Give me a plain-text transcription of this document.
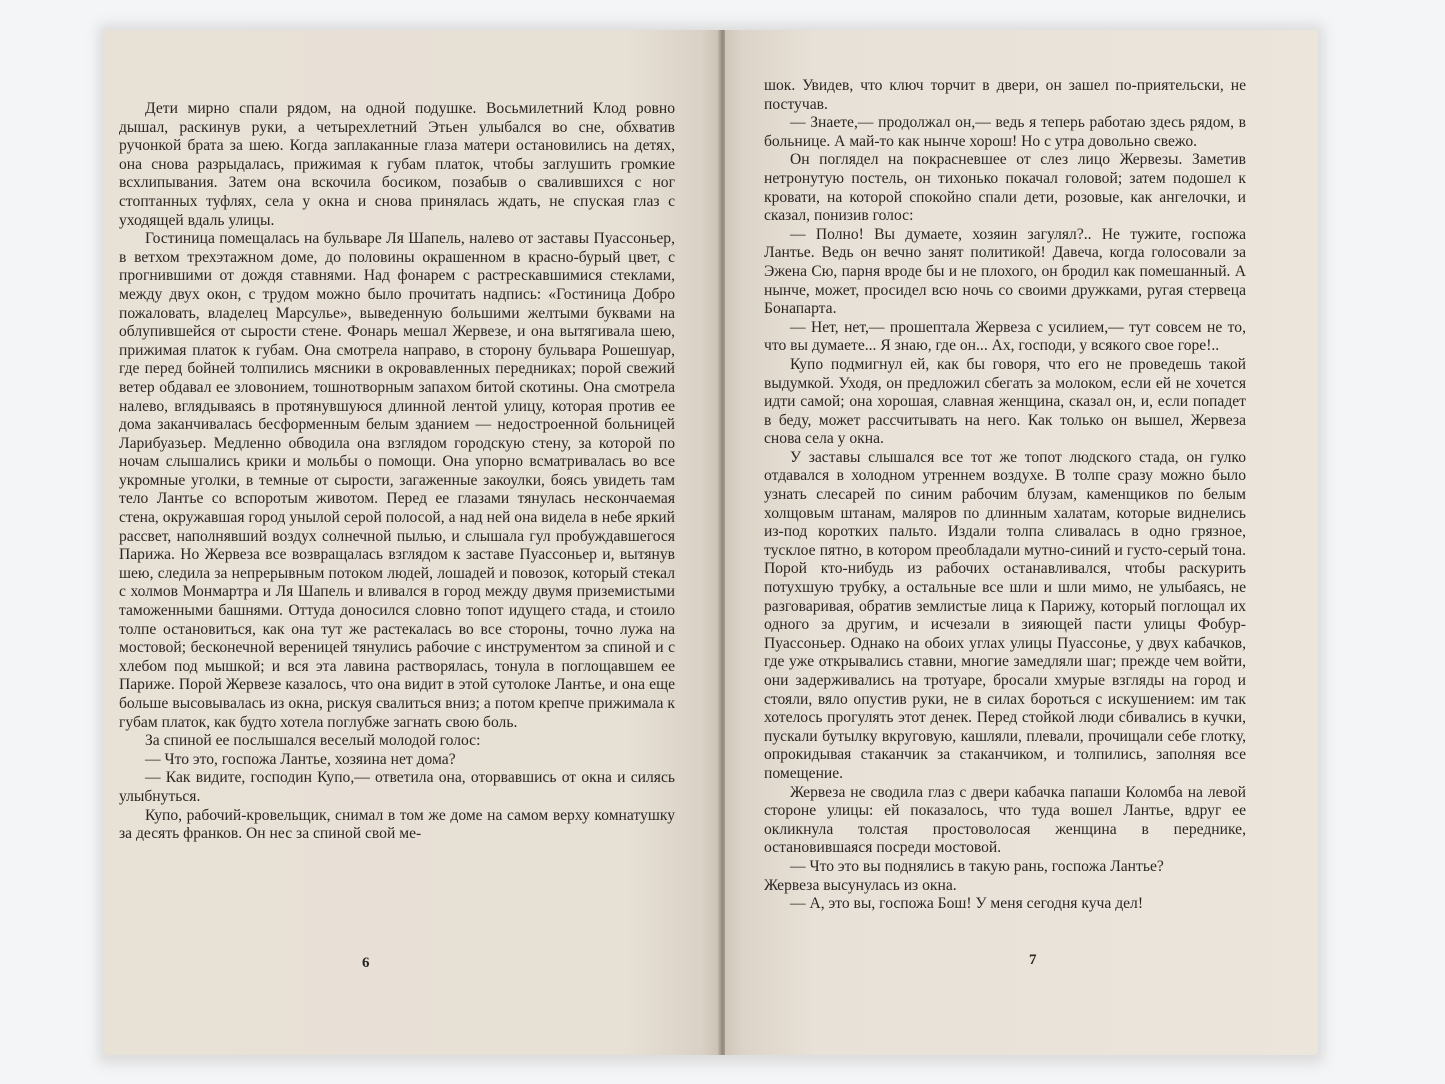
Дети мирно спали рядом, на одной подушке. Восьмилетний Клод ровно дышал, раскинув руки, а четырехлетний Этьен улыбался во сне, обхватив ручонкой брата за шею. Когда заплаканные глаза матери остановились на детях, она снова разрыдалась, прижимая к губам платок, чтобы заглушить громкие всхлипывания. Затем она вскочила босиком, позабыв о свалившихся с ног стоптанных туфлях, села у окна и снова принялась ждать, не спуская глаз с уходящей вдаль улицы.

Гостиница помещалась на бульваре Ля Шапель, налево от заставы Пуассоньер, в ветхом трехэтажном доме, до половины окрашенном в красно-бурый цвет, с прогнившими от дождя ставнями. Над фонарем с растрескавшимися стеклами, между двух окон, с трудом можно было прочитать надпись: «Гостиница Добро пожаловать, владелец Марсулье», выведенную большими желтыми буквами на облупившейся от сырости стене. Фонарь мешал Жервезе, и она вытягивала шею, прижимая платок к губам. Она смотрела направо, в сторону бульвара Рошешуар, где перед бойней толпились мясники в окровавленных передниках; порой свежий ветер обдавал ее зловонием, тошнотворным запахом битой скотины. Она смотрела налево, вглядываясь в протянувшуюся длинной лентой улицу, которая против ее дома заканчивалась бесформенным белым зданием — недостроенной больницей Ларибуазьер. Медленно обводила она взглядом городскую стену, за которой по ночам слышались крики и мольбы о помощи. Она упорно всматривалась во все укромные уголки, в темные от сырости, загаженные закоулки, боясь увидеть там тело Лантье со вспоротым животом. Перед ее глазами тянулась нескончаемая стена, окружавшая город унылой серой полосой, а над ней она видела в небе яркий рассвет, наполнявший воздух солнечной пылью, и слышала гул пробуждавшегося Парижа. Но Жервеза все возвращалась взглядом к заставе Пуассоньер и, вытянув шею, следила за непрерывным потоком людей, лошадей и повозок, который стекал с холмов Монмартра и Ля Шапель и вливался в город между двумя приземистыми таможенными башнями. Оттуда доносился словно топот идущего стада, и стоило толпе остановиться, как она тут же растекалась во все стороны, точно лужа на мостовой; бесконечной вереницей тянулись рабочие с инструментом за спиной и с хлебом под мышкой; и вся эта лавина растворялась, тонула в поглощавшем ее Париже. Порой Жервезе казалось, что она видит в этой сутолоке Лантье, и она еще больше высовывалась из окна, рискуя свалиться вниз; а потом крепче прижимала к губам платок, как будто хотела поглубже загнать свою боль.

За спиной ее послышался веселый молодой голос:

— Что это, госпожа Лантье, хозяина нет дома?

— Как видите, господин Купо,— ответила она, оторвавшись от окна и силясь улыбнуться.

Купо, рабочий-кровельщик, снимал в том же доме на самом верху комнатушку за десять франков. Он нес за спиной свой ме-

6

шок. Увидев, что ключ торчит в двери, он зашел по-приятельски, не постучав.

— Знаете,— продолжал он,— ведь я теперь работаю здесь рядом, в больнице. А май-то как нынче хорош! Но с утра довольно свежо.

Он поглядел на покрасневшее от слез лицо Жервезы. Заметив нетронутую постель, он тихонько покачал головой; затем подошел к кровати, на которой спокойно спали дети, розовые, как ангелочки, и сказал, понизив голос:

— Полно! Вы думаете, хозяин загулял?.. Не тужите, госпожа Лантье. Ведь он вечно занят политикой! Давеча, когда голосовали за Эжена Сю, парня вроде бы и не плохого, он бродил как помешанный. А нынче, может, просидел всю ночь со своими дружками, ругая стервеца Бонапарта.

— Нет, нет,— прошептала Жервеза с усилием,— тут совсем не то, что вы думаете... Я знаю, где он... Ах, господи, у всякого свое горе!..

Купо подмигнул ей, как бы говоря, что его не проведешь такой выдумкой. Уходя, он предложил сбегать за молоком, если ей не хочется идти самой; она хорошая, славная женщина, сказал он, и, если попадет в беду, может рассчитывать на него. Как только он вышел, Жервеза снова села у окна.

У заставы слышался все тот же топот людского стада, он гулко отдавался в холодном утреннем воздухе. В толпе сразу можно было узнать слесарей по синим рабочим блузам, каменщиков по белым холщовым штанам, маляров по длинным халатам, которые виднелись из-под коротких пальто. Издали толпа сливалась в одно грязное, тусклое пятно, в котором преобладали мутно-синий и густо-серый тона. Порой кто-нибудь из рабочих останавливался, чтобы раскурить потухшую трубку, а остальные все шли и шли мимо, не улыбаясь, не разговаривая, обратив землистые лица к Парижу, который поглощал их одного за другим, и исчезали в зияющей пасти улицы Фобур-Пуассоньер. Однако на обоих углах улицы Пуассонье, у двух кабачков, где уже открывались ставни, многие замедляли шаг; прежде чем войти, они задерживались на тротуаре, бросали хмурые взгляды на город и стояли, вяло опустив руки, не в силах бороться с искушением: им так хотелось прогулять этот денек. Перед стойкой люди сбивались в кучки, пускали бутылку вкруговую, кашляли, плевали, прочищали себе глотку, опрокидывая стаканчик за стаканчиком, и толпились, заполняя все помещение.

Жервеза не сводила глаз с двери кабачка папаши Коломба на левой стороне улицы: ей показалось, что туда вошел Лантье, вдруг ее окликнула толстая простоволосая женщина в переднике, остановившаяся посреди мостовой.

— Что это вы поднялись в такую рань, госпожа Лантье?

Жервеза высунулась из окна.

— А, это вы, госпожа Бош! У меня сегодня куча дел!

7
